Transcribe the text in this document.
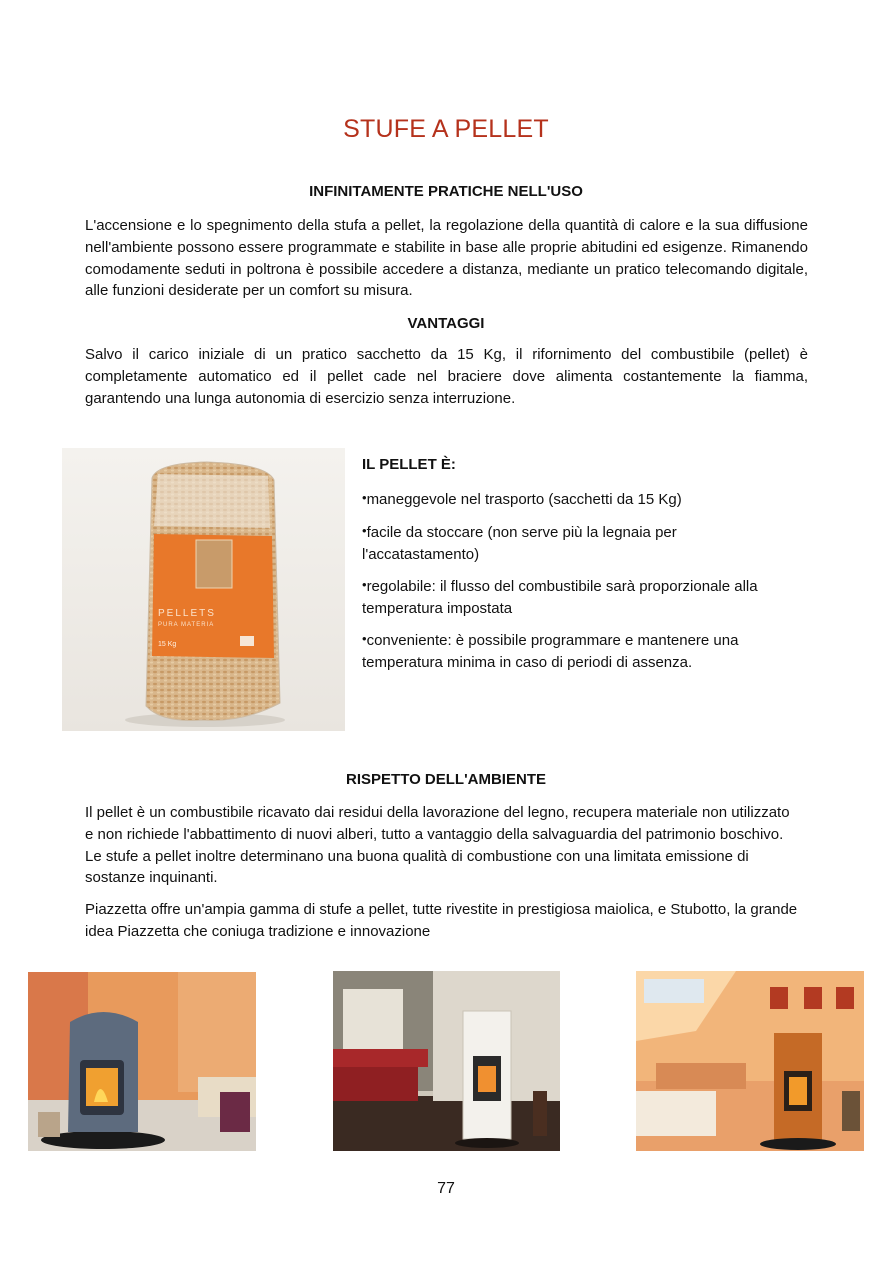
STUFE A PELLET
INFINITAMENTE PRATICHE NELL'USO
L'accensione e lo spegnimento della stufa a pellet, la regolazione della quantità di calore e la sua diffusione nell'ambiente possono essere programmate e stabilite in base alle proprie abitudini ed esigenze. Rimanendo comodamente seduti in poltrona è possibile accedere a distanza, mediante un pratico telecomando digitale, alle funzioni desiderate per un comfort su misura.
VANTAGGI
Salvo il carico iniziale di un pratico sacchetto da 15 Kg, il rifornimento del combustibile (pellet) è completamente automatico ed il pellet cade nel braciere dove alimenta costantemente la fiamma, garantendo una lunga autonomia di esercizio senza interruzione.
PELLETS
PURA MATERIA
15 Kg
IL PELLET È:
•maneggevole nel trasporto (sacchetti da 15 Kg)
•facile da stoccare (non serve più la legnaia per l'accatastamento)
•regolabile: il flusso del combustibile sarà proporzionale alla temperatura impostata
•conveniente: è possibile programmare e mantenere una temperatura minima in caso di periodi di assenza.
RISPETTO DELL'AMBIENTE
Il pellet è un combustibile ricavato dai residui della lavorazione del legno, recupera materiale non utilizzato e non richiede l'abbattimento di nuovi alberi, tutto a vantaggio della salvaguardia del patrimonio boschivo. Le stufe a pellet inoltre determinano una buona qualità di combustione con una limitata emissione di sostanze inquinanti.
Piazzetta offre un'ampia gamma di stufe a pellet, tutte rivestite in prestigiosa maiolica, e Stubotto, la grande idea Piazzetta che coniuga tradizione e innovazione
77
